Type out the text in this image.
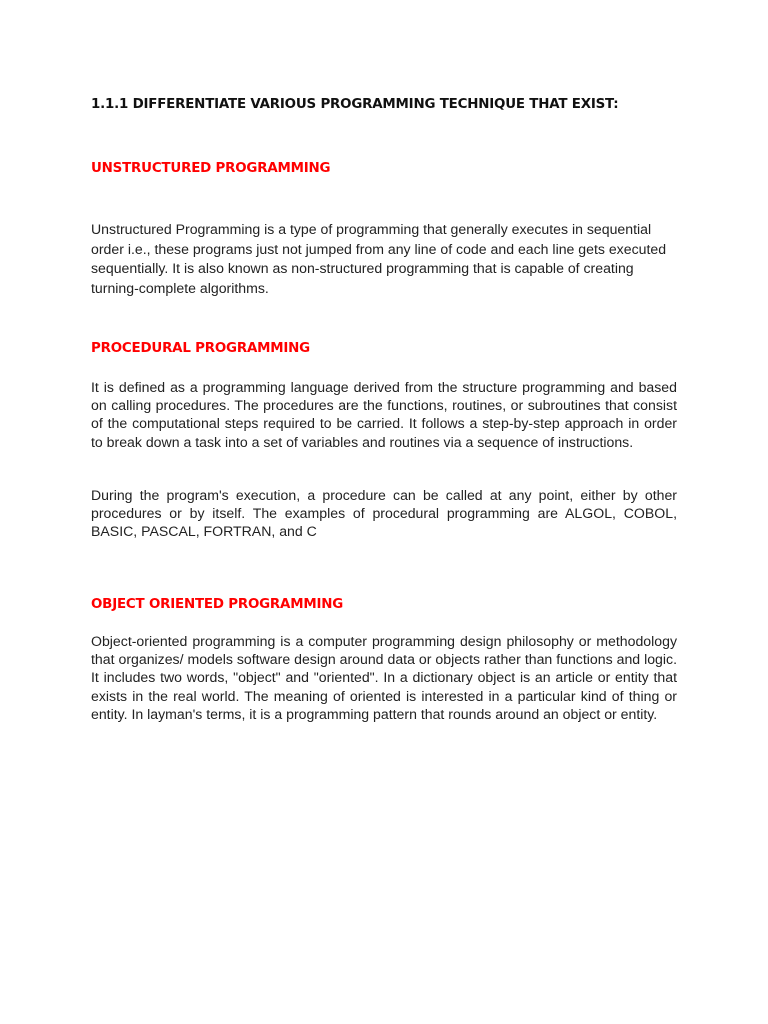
1.1.1 DIFFERENTIATE VARIOUS PROGRAMMING TECHNIQUE THAT EXIST:
UNSTRUCTURED PROGRAMMING

Unstructured Programming is a type of programming that generally executes in sequential order i.e., these programs just not jumped from any line of code and each line gets executed sequentially. It is also known as non-structured programming that is capable of creating turning-complete algorithms.

PROCEDURAL PROGRAMMING

It is defined as a programming language derived from the structure programming and based on calling procedures. The procedures are the functions, routines, or subroutines that consist of the computational steps required to be carried. It follows a step-by-step approach in order to break down a task into a set of variables and routines via a sequence of instructions.

During the program's execution, a procedure can be called at any point, either by other procedures or by itself. The examples of procedural programming are ALGOL, COBOL, BASIC, PASCAL, FORTRAN, and C

OBJECT ORIENTED PROGRAMMING

Object-oriented programming is a computer programming design philosophy or methodology that organizes/ models software design around data or objects rather than functions and logic. It includes two words, "object" and "oriented". In a dictionary object is an article or entity that exists in the real world. The meaning of oriented is interested in a particular kind of thing or entity. In layman's terms, it is a programming pattern that rounds around an object or entity.
